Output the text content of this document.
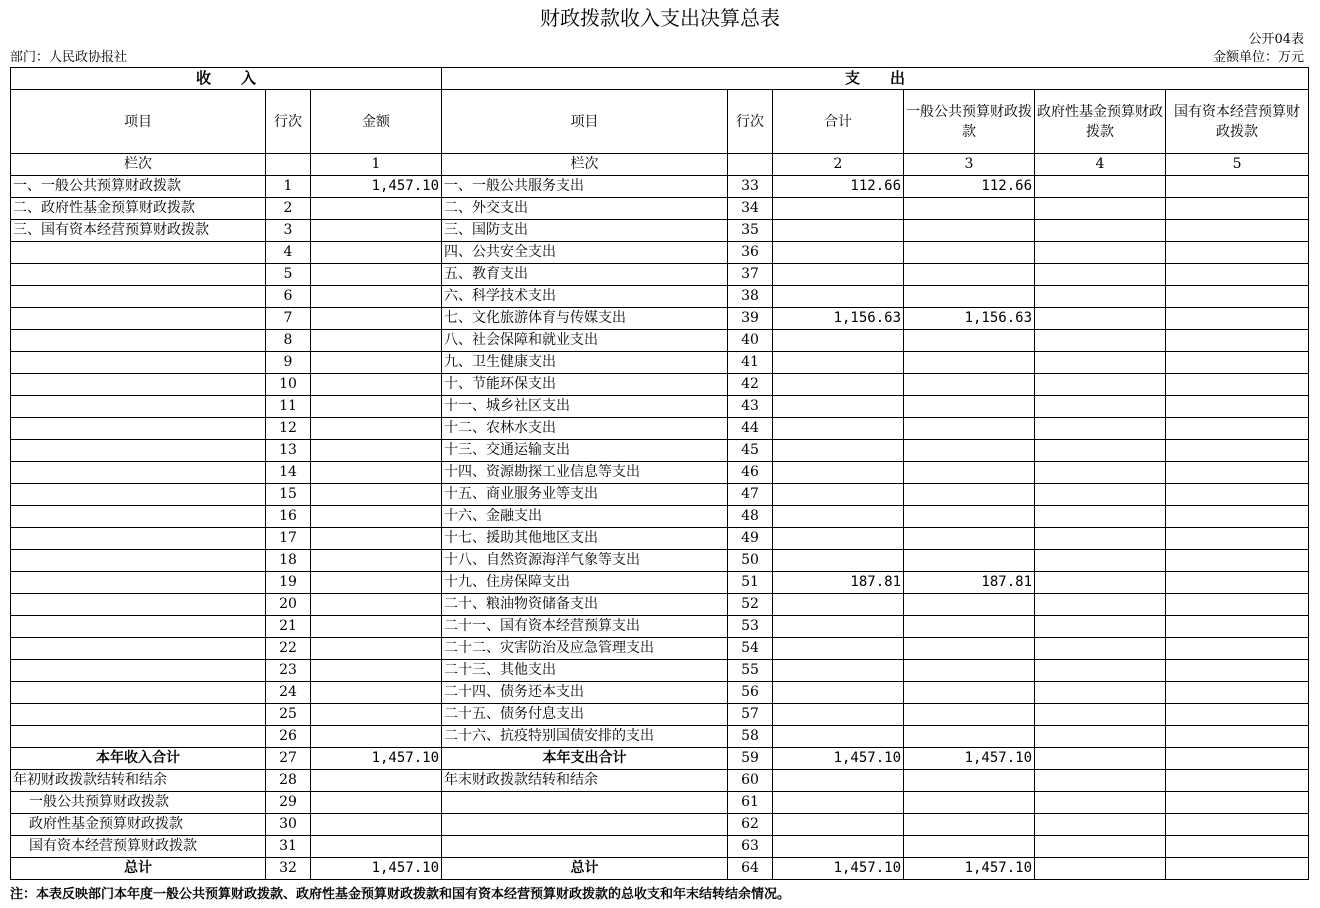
财政拨款收入支出决算总表
公开04表
部门：人民政协报社	金额单位：万元
收　　入			支　　出					
项目	行次	金额	项目	行次	合计	一般公共预算财政拨款	政府性基金预算财政拨款	国有资本经营预算财政拨款
栏次		1	栏次		2	3	4	5
一、一般公共预算财政拨款	1	1,457.10	一、一般公共服务支出	33	112.66	112.66		
二、政府性基金预算财政拨款	2		二、外交支出	34				
三、国有资本经营预算财政拨款	3		三、国防支出	35				
	4		四、公共安全支出	36				
	5		五、教育支出	37				
	6		六、科学技术支出	38				
	7		七、文化旅游体育与传媒支出	39	1,156.63	1,156.63		
	8		八、社会保障和就业支出	40				
	9		九、卫生健康支出	41				
	10		十、节能环保支出	42				
	11		十一、城乡社区支出	43				
	12		十二、农林水支出	44				
	13		十三、交通运输支出	45				
	14		十四、资源勘探工业信息等支出	46				
	15		十五、商业服务业等支出	47				
	16		十六、金融支出	48				
	17		十七、援助其他地区支出	49				
	18		十八、自然资源海洋气象等支出	50				
	19		十九、住房保障支出	51	187.81	187.81		
	20		二十、粮油物资储备支出	52				
	21		二十一、国有资本经营预算支出	53				
	22		二十二、灾害防治及应急管理支出	54				
	23		二十三、其他支出	55				
	24		二十四、债务还本支出	56				
	25		二十五、债务付息支出	57				
	26		二十六、抗疫特别国债安排的支出	58				
本年收入合计	27	1,457.10	本年支出合计	59	1,457.10	1,457.10		
年初财政拨款结转和结余	28		年末财政拨款结转和结余	60				
一般公共预算财政拨款	29			61				
政府性基金预算财政拨款	30			62				
国有资本经营预算财政拨款	31			63				
总计	32	1,457.10	总计	64	1,457.10	1,457.10		
注：本表反映部门本年度一般公共预算财政拨款、政府性基金预算财政拨款和国有资本经营预算财政拨款的总收支和年末结转结余情况。
